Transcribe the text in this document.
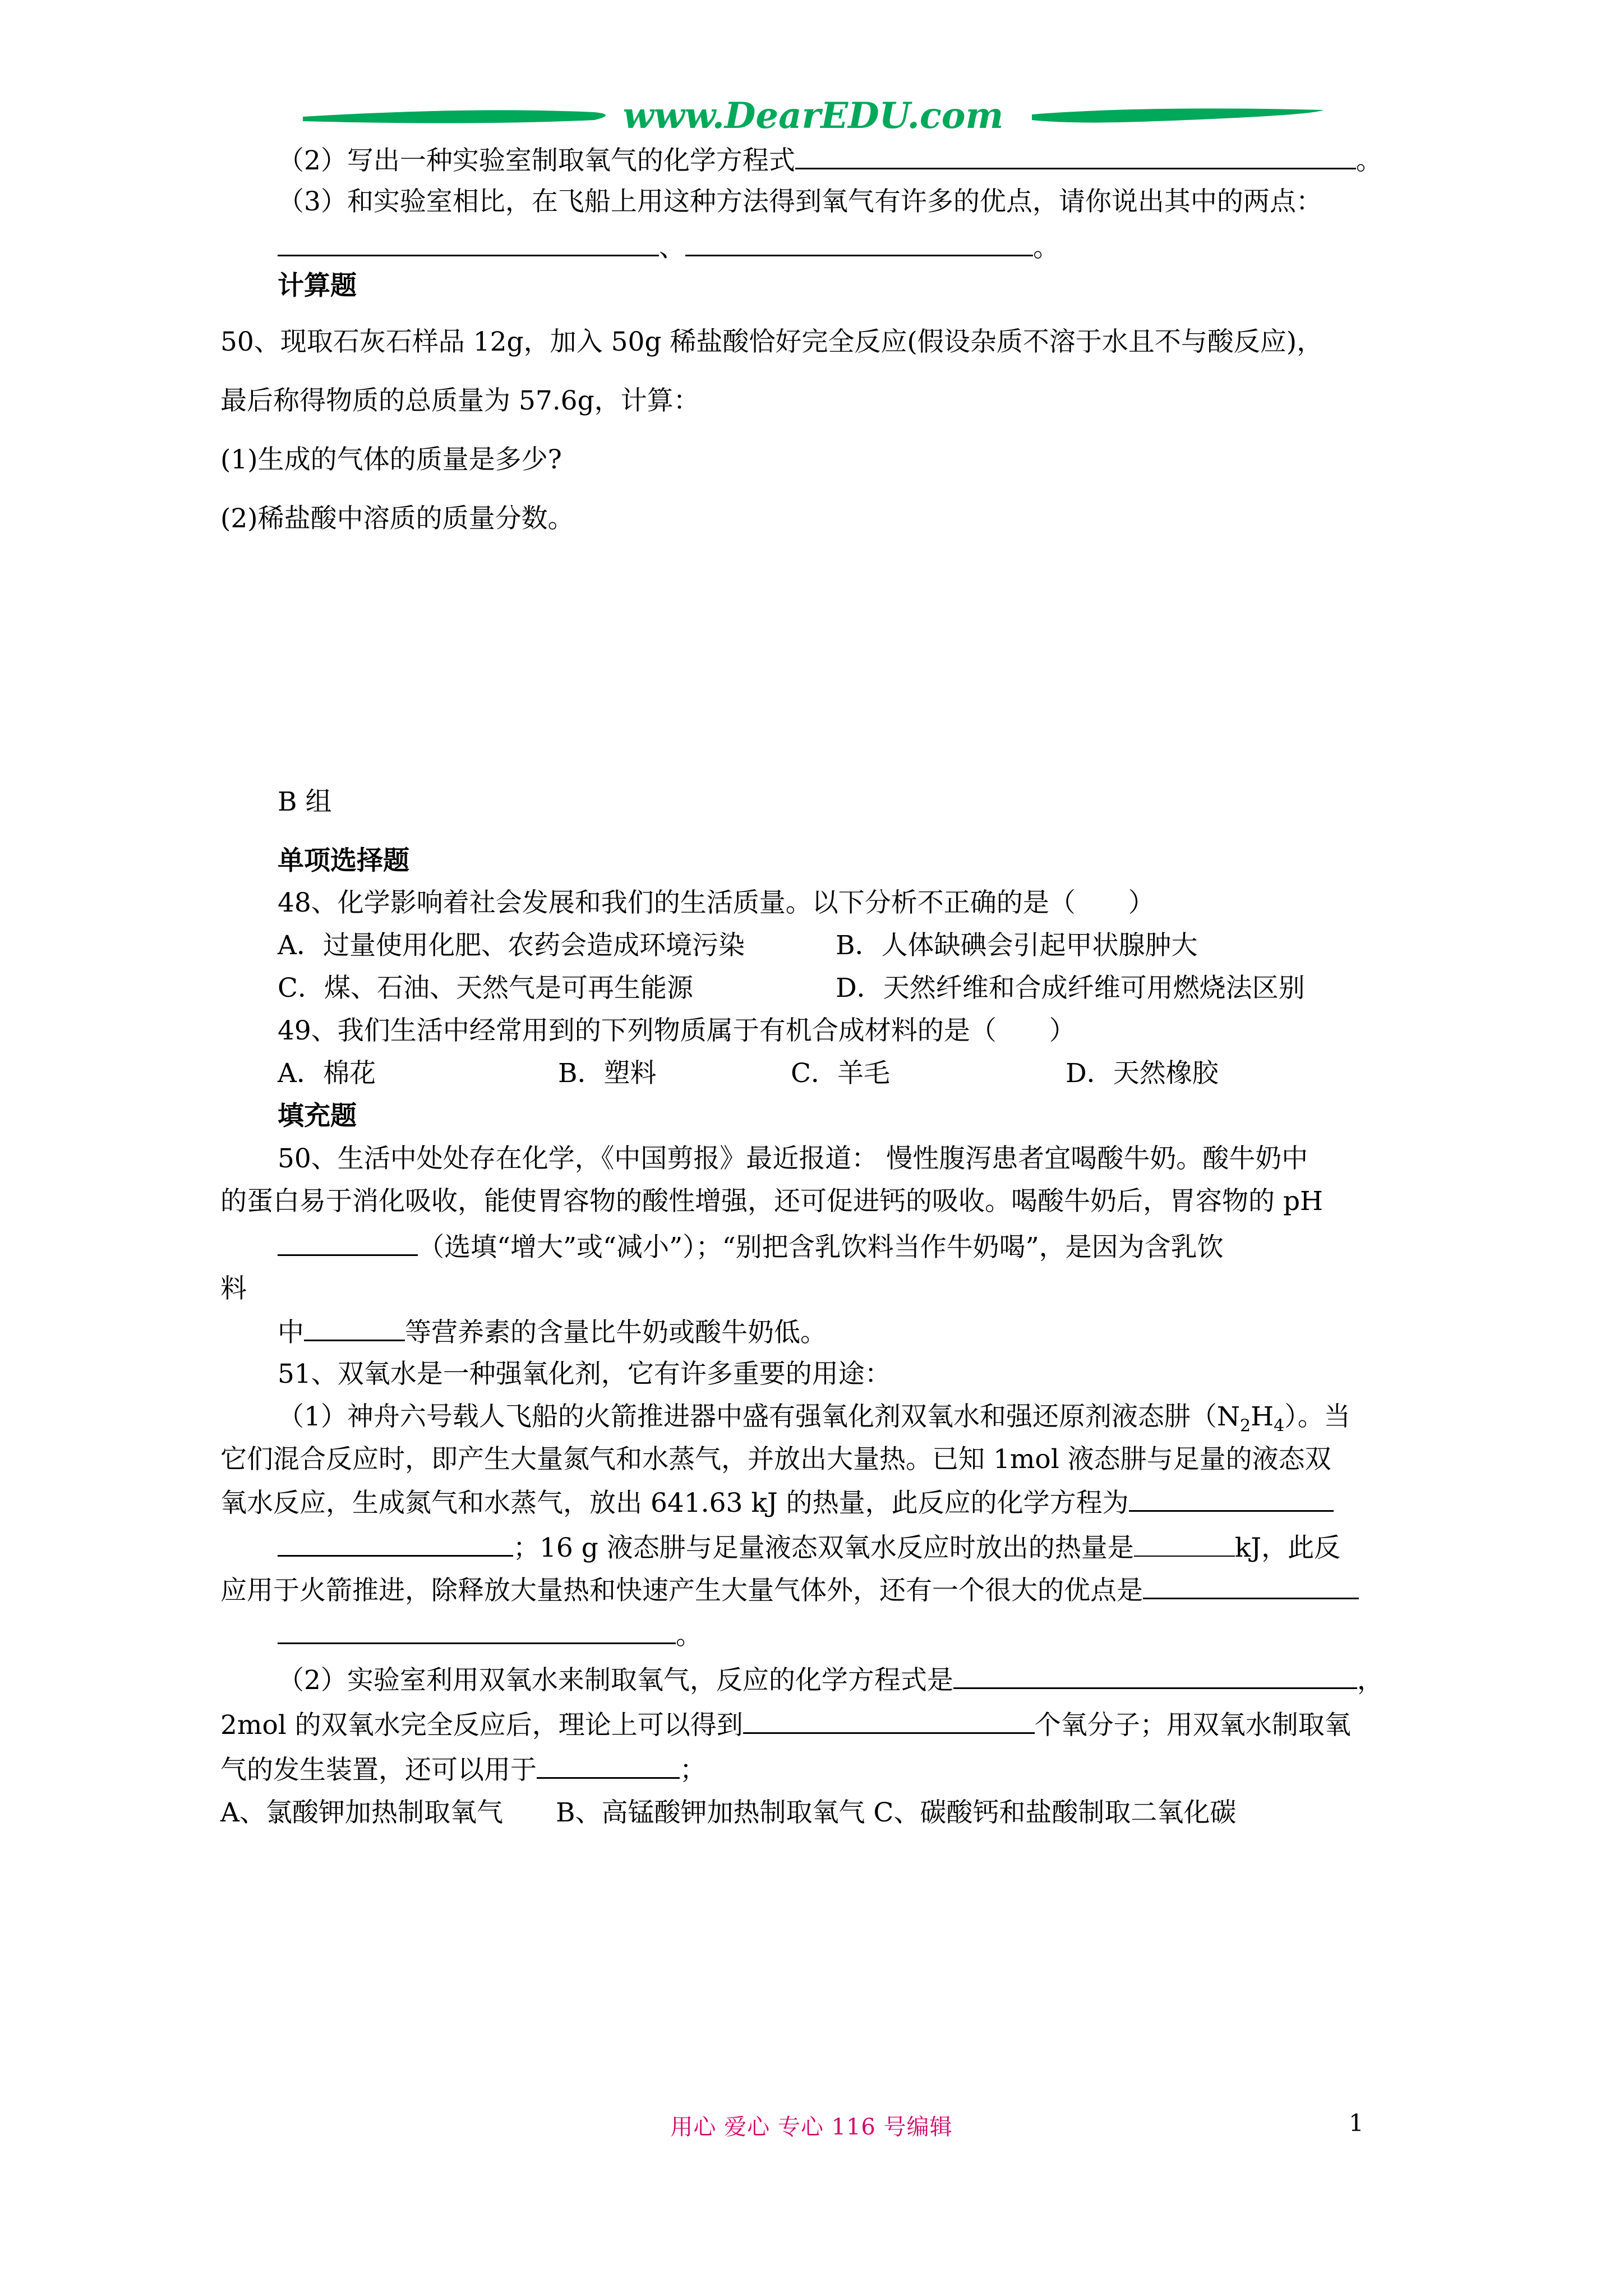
www.DearEDU.com
（2）写出一种实验室制取氧气的化学方程式	。
（3）和实验室相比，在飞船上用这种方法得到氧气有许多的优点，请你说出其中的两点：
、	。
计算题
50、现取石灰石样品 12g，加入 50g 稀盐酸恰好完全反应(假设杂质不溶于水且不与酸反应)，
最后称得物质的总质量为 57.6g，计算：
(1)生成的气体的质量是多少?
(2)稀盐酸中溶质的质量分数。
B 组
单项选择题
48、化学影响着社会发展和我们的生活质量。以下分析不正确的是（　　）
A．过量使用化肥、农药会造成环境污染	B．人体缺碘会引起甲状腺肿大
C．煤、石油、天然气是可再生能源	D．天然纤维和合成纤维可用燃烧法区别
49、我们生活中经常用到的下列物质属于有机合成材料的是（　　）
A．棉花	B．塑料	C．羊毛	D．天然橡胶
填充题
50、生活中处处存在化学，《中国剪报》最近报道： 慢性腹泻患者宜喝酸牛奶。酸牛奶中
的蛋白易于消化吸收，能使胃容物的酸性增强，还可促进钙的吸收。喝酸牛奶后，胃容物的 pH
（选填“增大”或“减小”）；“别把含乳饮料当作牛奶喝”，是因为含乳饮
料
中	等营养素的含量比牛奶或酸牛奶低。
51、双氧水是一种强氧化剂，它有许多重要的用途：
（1）神舟六号载人飞船的火箭推进器中盛有强氧化剂双氧水和强还原剂液态肼$(N_2H_4)$。当
它们混合反应时，即产生大量氮气和水蒸气，并放出大量热。已知 1mol 液态肼与足量的液态双
氧水反应，生成氮气和水蒸气，放出 641.63 kJ 的热量，此反应的化学方程为
；16 g 液态肼与足量液态双氧水反应时放出的热量是	kJ，此反
应用于火箭推进，除释放大量热和快速产生大量气体外，还有一个很大的优点是
。
（2）实验室利用双氧水来制取氧气，反应的化学方程式是	，
2mol 的双氧水完全反应后，理论上可以得到	个氧分子；用双氧水制取氧
气的发生装置，还可以用于	；
A、氯酸钾加热制取氧气　　B、高锰酸钾加热制取氧气 C、碳酸钙和盐酸制取二氧化碳
用心 爱心 专心 116 号编辑	1
